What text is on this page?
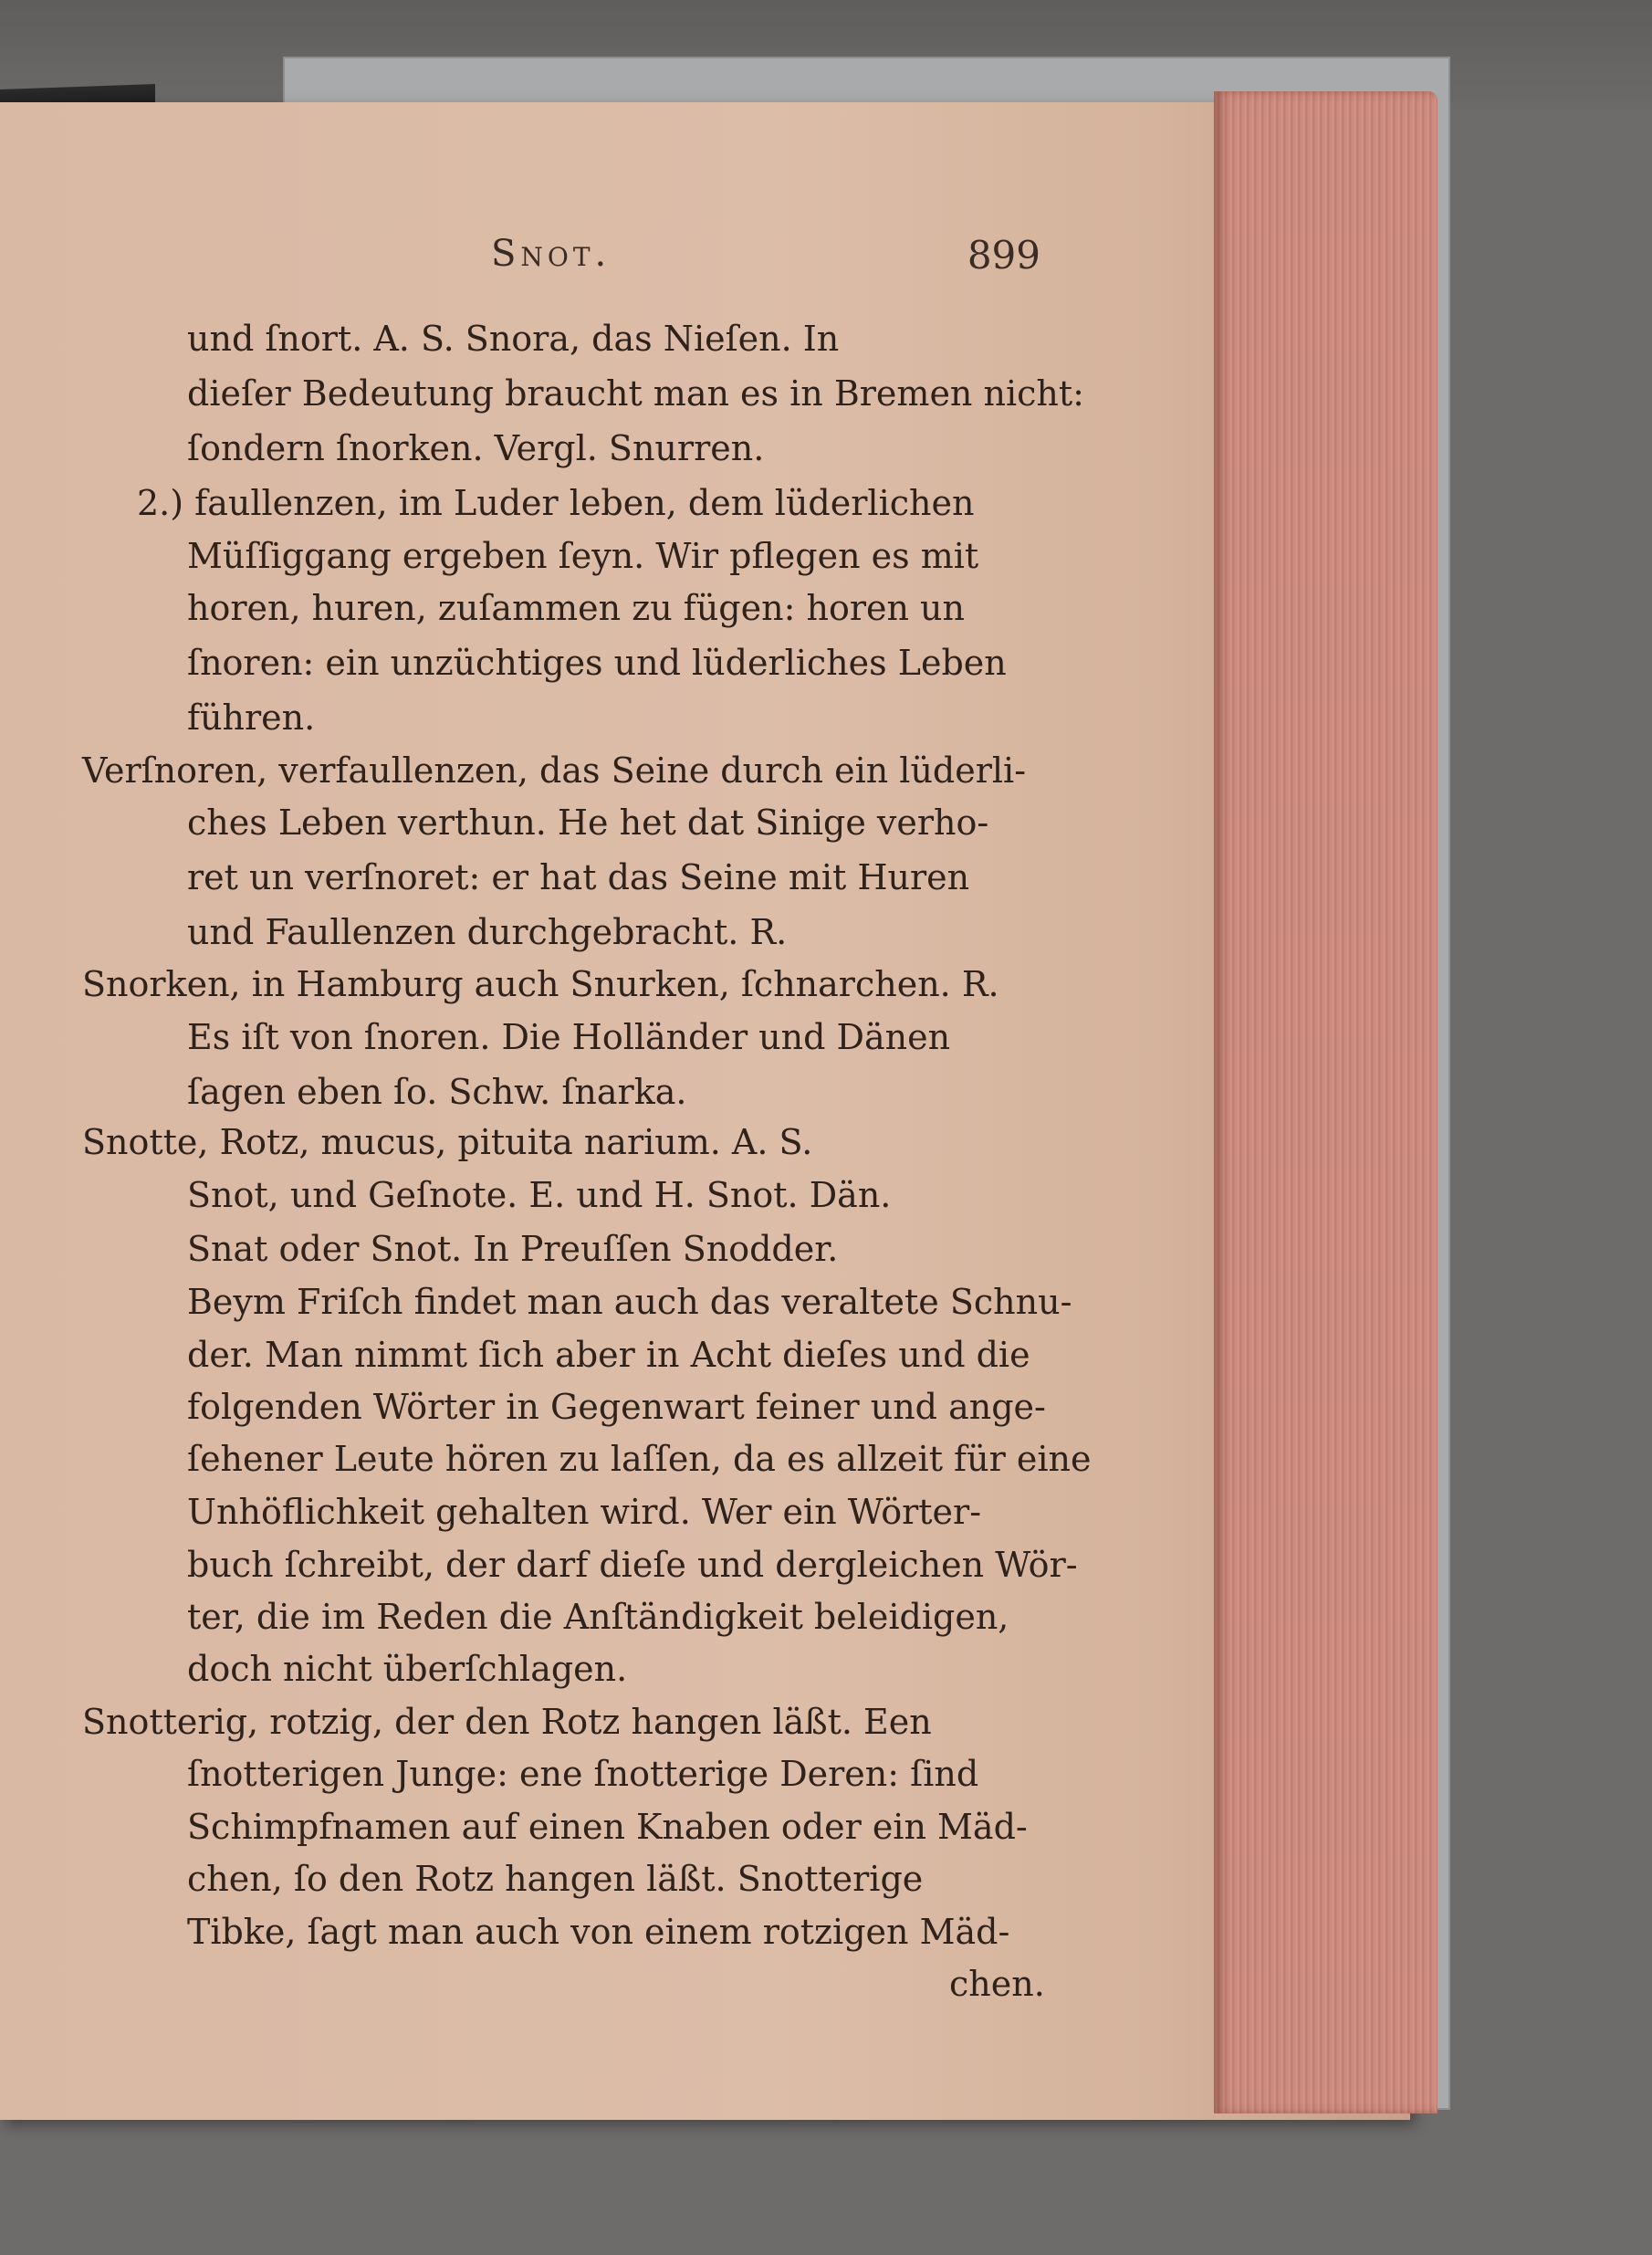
Snot.	899
und ſnort. A. S. Snora, das Nieſen. In
dieſer Bedeutung braucht man es in Bremen nicht:
ſondern ſnorken. Vergl. Snurren.
2.) faullenzen, im Luder leben, dem lüderlichen
Müſſiggang ergeben ſeyn. Wir pflegen es mit
horen, huren, zuſammen zu fügen: horen un
ſnoren: ein unzüchtiges und lüderliches Leben
führen.
Verſnoren, verfaullenzen, das Seine durch ein lüderli-
ches Leben verthun. He het dat Sinige verho-
ret un verſnoret: er hat das Seine mit Huren
und Faullenzen durchgebracht. R.
Snorken, in Hamburg auch Snurken, ſchnarchen. R.
Es iſt von ſnoren. Die Holländer und Dänen
ſagen eben ſo. Schw. ſnarka.
Snotte, Rotz, mucus, pituita narium. A. S.
Snot, und Geſnote. E. und H. Snot. Dän.
Snat oder Snot. In Preuſſen Snodder.
Beym Friſch findet man auch das veraltete Schnu-
der. Man nimmt ſich aber in Acht dieſes und die
folgenden Wörter in Gegenwart feiner und ange-
ſehener Leute hören zu laſſen, da es allzeit für eine
Unhöflichkeit gehalten wird. Wer ein Wörter-
buch ſchreibt, der darf dieſe und dergleichen Wör-
ter, die im Reden die Anſtändigkeit beleidigen,
doch nicht überſchlagen.
Snotterig, rotzig, der den Rotz hangen läßt. Een
ſnotterigen Junge: ene ſnotterige Deren: ſind
Schimpfnamen auf einen Knaben oder ein Mäd-
chen, ſo den Rotz hangen läßt. Snotterige
Tibke, ſagt man auch von einem rotzigen Mäd-
chen.
